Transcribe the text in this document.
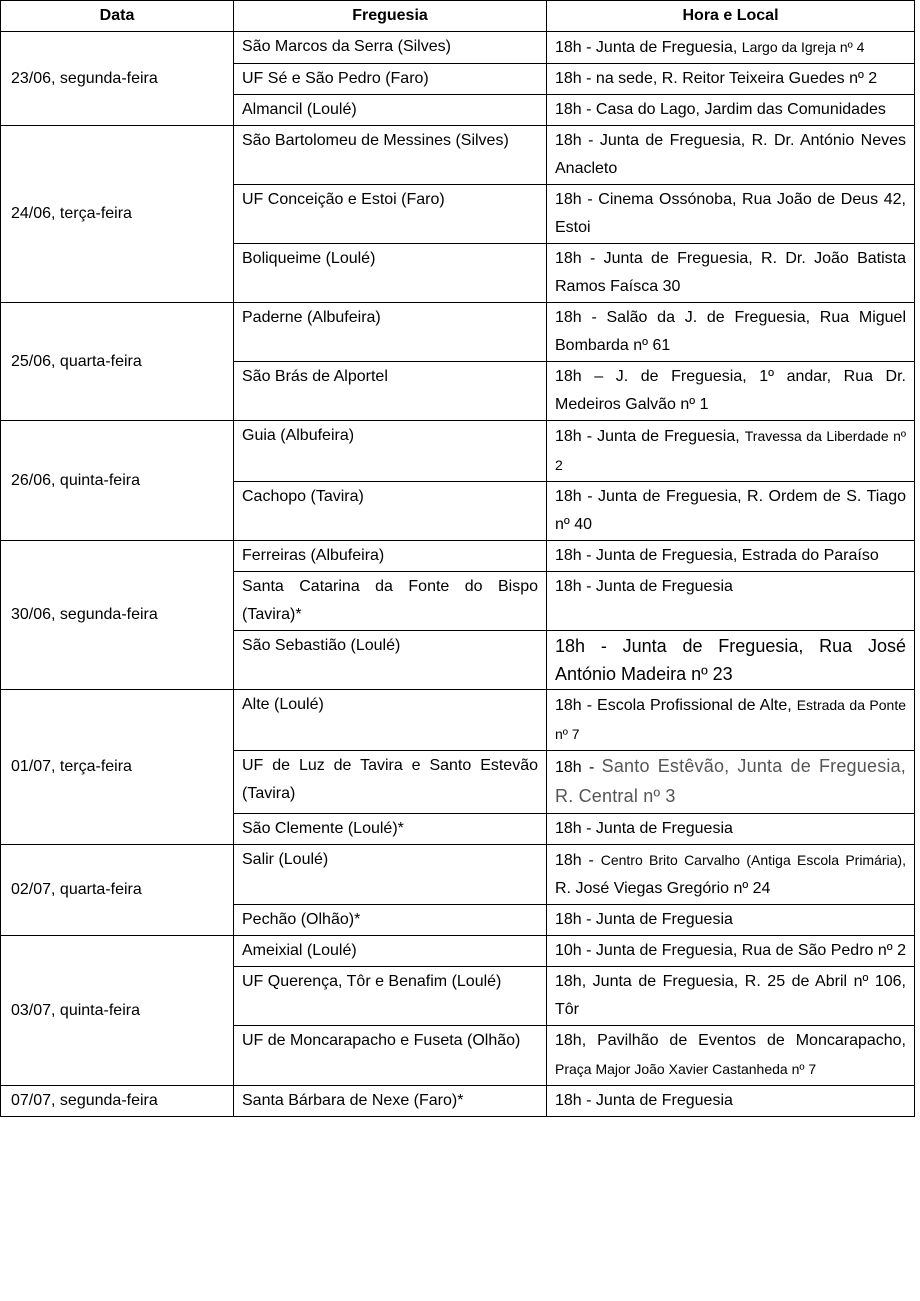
Data	Freguesia	Hora e Local
23/06, segunda-feira	São Marcos da Serra (Silves)	18h - Junta de Freguesia, Largo da Igreja nº 4
	UF Sé e São Pedro (Faro)	18h - na sede, R. Reitor Teixeira Guedes nº 2
	Almancil (Loulé)	18h - Casa do Lago, Jardim das Comunidades
24/06, terça-feira	São Bartolomeu de Messines (Silves)	18h - Junta de Freguesia, R. Dr. António Neves Anacleto
	UF Conceição e Estoi (Faro)	18h - Cinema Ossónoba, Rua João de Deus 42, Estoi
	Boliqueime (Loulé)	18h - Junta de Freguesia, R. Dr. João Batista Ramos Faísca 30
25/06, quarta-feira	Paderne (Albufeira)	18h - Salão da J. de Freguesia, Rua Miguel Bombarda nº 61
	São Brás de Alportel	18h – J. de Freguesia, 1º andar, Rua Dr. Medeiros Galvão nº 1
26/06, quinta-feira	Guia (Albufeira)	18h - Junta de Freguesia, Travessa da Liberdade nº 2
	Cachopo (Tavira)	18h - Junta de Freguesia, R. Ordem de S. Tiago nº 40
30/06, segunda-feira	Ferreiras (Albufeira)	18h - Junta de Freguesia, Estrada do Paraíso
	Santa Catarina da Fonte do Bispo (Tavira)*	18h - Junta de Freguesia
	São Sebastião (Loulé)	18h - Junta de Freguesia, Rua José António Madeira nº 23
01/07, terça-feira	Alte (Loulé)	18h - Escola Profissional de Alte, Estrada da Ponte nº 7
	UF de Luz de Tavira e Santo Estevão (Tavira)	18h - Santo Estêvão, Junta de Freguesia, R. Central nº 3
	São Clemente (Loulé)*	18h - Junta de Freguesia
02/07, quarta-feira	Salir (Loulé)	18h - Centro Brito Carvalho (Antiga Escola Primária), R. José Viegas Gregório nº 24
	Pechão (Olhão)*	18h - Junta de Freguesia
03/07, quinta-feira	Ameixial (Loulé)	10h - Junta de Freguesia, Rua de São Pedro nº 2
	UF Querença, Tôr e Benafim (Loulé)	18h, Junta de Freguesia, R. 25 de Abril nº 106, Tôr
	UF de Moncarapacho e Fuseta (Olhão)	18h, Pavilhão de Eventos de Moncarapacho, Praça Major João Xavier Castanheda nº 7
07/07, segunda-feira	Santa Bárbara de Nexe (Faro)*	18h - Junta de Freguesia
